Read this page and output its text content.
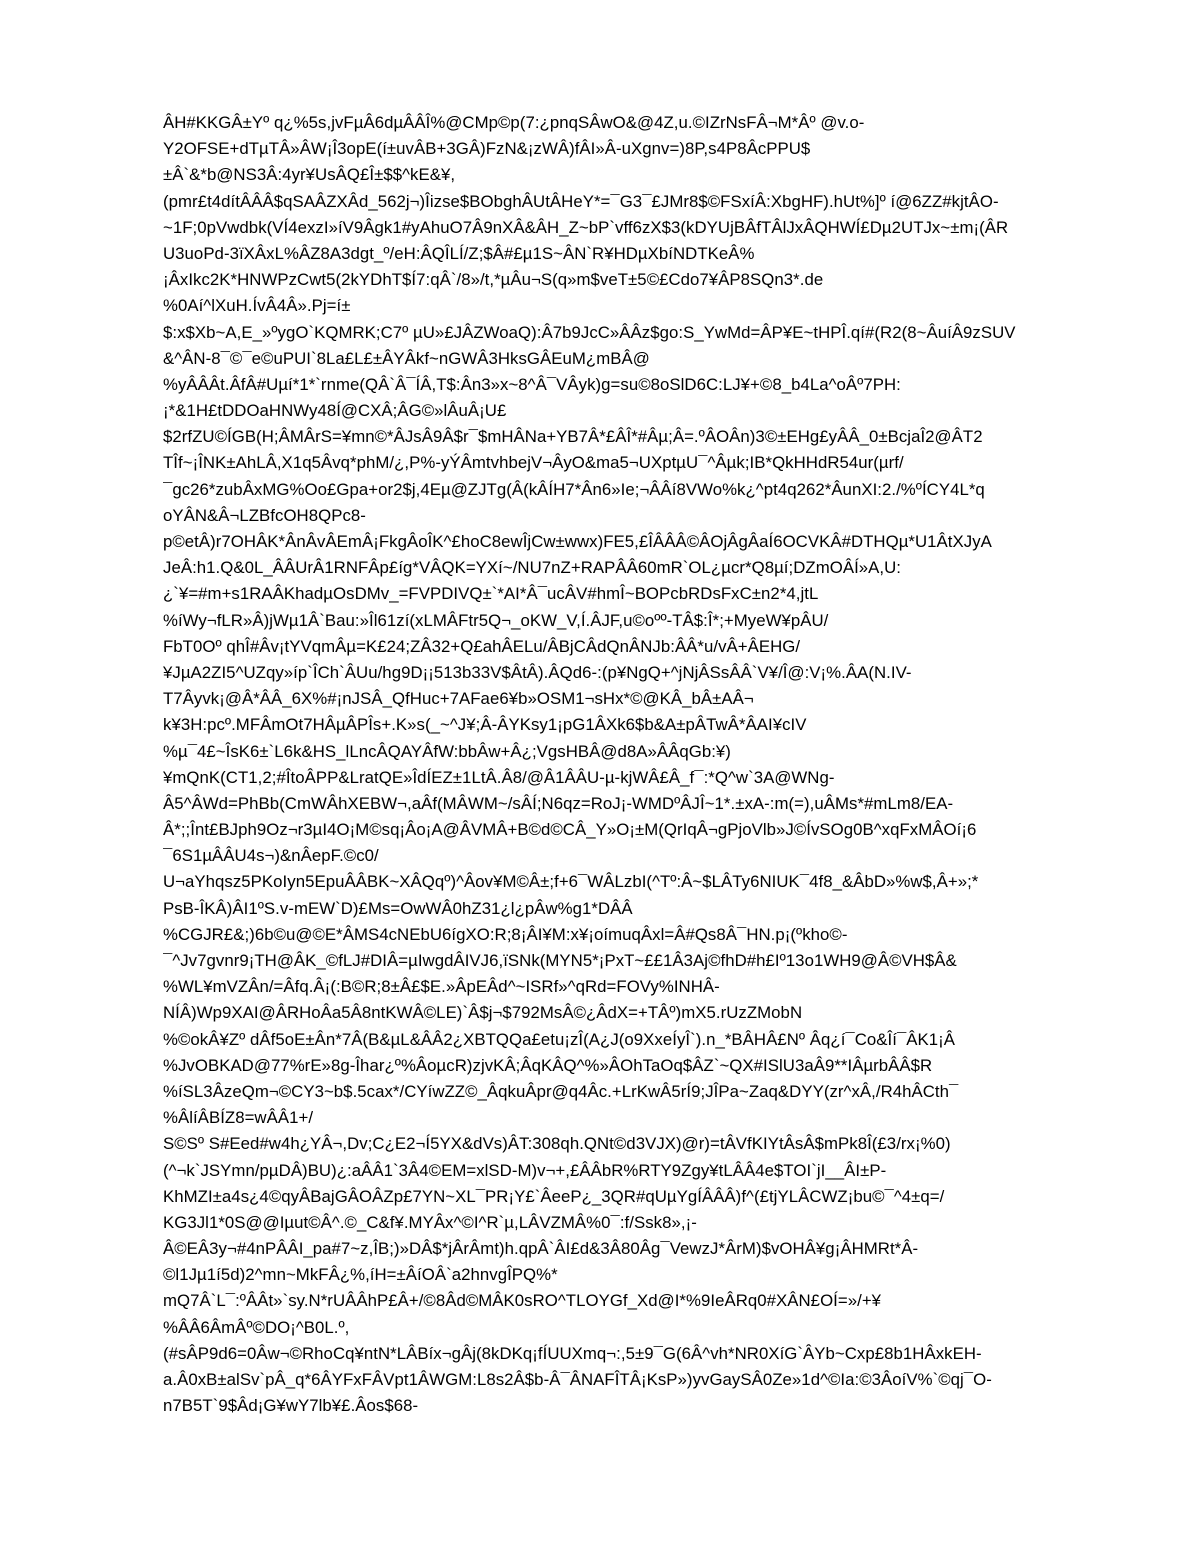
ÂH#KKGÂ±Yº q¿%5s,jvFµÂ6dµÂÂÎ%@CMp©p(7:¿pnqSÂwO&@4Z,u.©IZrNsFÂ¬M*Âº @v.o-
Y2OFSE+dTµTÂ»ÂW¡Î3opE(í±uvÂB+3GÂ)FzN&¡zWÂ)fÂI»Â-uXgnv=)8P,s4P8ÂcPPU$
±Â`&*b@NS3Â:4yr¥UsÂQ£Î±$$^kE&¥,
(pmr£t4dítÂÂÂ$qSAÂZXÂd_562j¬)Îizse$BObghÂUtÂHeY*=¯G3¯£JMr8$©FSxíÂ:XbgHF).hUt%]º í@6ZZ#kjtÂO-
~1F;0pVwdbk(VÍ4exzI»íV9Âgk1#yAhuO7Â9nXÂ&ÂH_Z~bP`vff6zX$3(kDYUjBÂfTÂlJxÂQHWÍ£Dµ2UTJx~±m¡(ÂR
U3uoPd-3ïXÂxL%ÂZ8A3dgt_º/eH:ÂQÎLÍ/Z;$Â#£µ1S~ÂN`R¥HDµXbíNDTKeÂ%
¡ÂxIkc2K*HNWPzCwt5(2kYDhT$Í7:qÂ`/8»/t,*µÂu¬S(q»m$veT±5©£Cdo7¥ÂP8SQn3*.de
%0Aí^lXuH.ÍvÂ4Â».Pj=í±
$:x$Xb~A,E_»ºygO`KQMRK;C7º µU»£JÂZWoaQ):Â7b9JcC»ÂÂz$go:S_YwMd=ÂP¥E~tHPÎ.qí#(R2(8~ÂuíÂ9zSUV
&^ÂN-8¯©¯e©uPUI`8La£L£±ÂYÂkf~nGWÂ3HksGÂEuM¿mBÂ@
%yÂÂÂt.ÂfÂ#Uµí*1*`rnme(QÂ`Â¯ÍÂ,T$:Ân3»x~8^Â¯VÂyk)g=su©8oSlD6C:LJ¥+©8_b4La^oÂº7PH:
¡*&1H£tDDOaHNWy48Í@CXÂ;ÂG©»lÂuÂ¡U£
$2rfZU©ÍGB(H;ÂMÂrS=¥mn©*ÂJsÂ9Â$r¯$mHÂNa+YB7Â*£ÂÎ*#Âµ;Â=.ºÂOÂn)3©±EHg£yÂÂ_0±BcjaÎ2@ÂT2
TÎf~¡ÎNK±AhLÂ,X1q5Âvq*phM/¿,P%-yÝÂmtvhbejV¬ÂyO&ma5¬UXptµU¯^Âµk;IB*QkHHdR54ur(µrf/
¯gc26*zubÂxMG%Oo£Gpa+or2$j,4Eµ@ZJTg(Â(kÂÍH7*Ân6»Ie;¬ÂÂí8VWo%k¿^pt4q262*ÂunXI:2./%ºÍCY4L*q
oYÂN&Â¬LZBfcOH8QPc8-
p©etÂ)r7OHÂK*ÂnÂvÂEmÂ¡FkgÂoÎK^£hoC8ewÎjCw±wwx)FE5,£ÎÂÂÂ©ÂOjÂgÂaÍ6OCVKÂ#DTHQµ*U1ÂtXJyA
JeÂ:h1.Q&0L_ÂÂUrÂ1RNFÂp£íg*VÂQK=YXí~/NU7nZ+RAPÂÂ60mR`OL¿µcr*Q8µí;DZmOÂÍ»A,U:
¿`¥=#m+s1RAÂKhadµOsDMv_=FVPDIVQ±`*AI*Â¯ucÂV#hmÎ~BOPcbRDsFxC±n2*4,jtL
%íWy¬fLR»Â)jWµ1Â`Bau:»Îl61zí(xLMÂFtr5Q¬_oKW_V,Í.ÂJF,u©oºº-TÂ$:Î*;+MyeW¥pÂU/
FbT0Oº qhÎ#Âv¡tYVqmÂµ=K£24;ZÂ32+Q£ahÂELu/ÂBjCÂdQnÂNJb:ÂÂ*u/vÂ+ÂEHG/
¥JµA2ZI5^UZqy»íp`ÎCh`ÂUu/hg9D¡¡513b33V$ÂtÂ).ÂQd6-:(p¥NgQ+^jNjÂSsÂÂ`V¥/Î@:V¡%.ÂA(N.IV-
T7Âyvk¡@Â*ÂÂ_6X%#¡nJSÂ_QfHuc+7AFae6¥b»OSM1¬sHx*©@KÂ_bÂ±AÂ¬
k¥3H:pcº.MFÂmOt7HÂµÂPÎs+.K»s(_~^J¥;Â-ÂYKsy1¡pG1ÂXk6$b&A±pÂTwÂ*ÂAI¥cIV
%µ¯4£~ÎsK6±`L6k&HS_lLncÂQAYÂfW:bbÂw+Â¿;VgsHBÂ@d8A»ÂÂqGb:¥)
¥mQnK(CT1,2;#ÎtoÂPP&LratQE»ÎdÍEZ±1LtÂ.Â8/@Â1ÂÂU-µ-kjWÂ£Â_f¯:*Q^w`3A@WNg-
Â5^ÂWd=PhBb(CmWÂhXEBW¬,aÂf(MÂWM~/sÂÍ;N6qz=RoJ¡-WMDºÂJÎ~1*.±xA-:m(=),uÂMs*#mLm8/EA-
Â*;;Înt£BJph9Oz¬r3µI4O¡M©sq¡Âo¡A@ÂVMÂ+B©d©CÂ_Y»O¡±M(QrIqÂ¬gPjoVlb»J©ÍvSOg0B^xqFxMÂOí¡6
¯6S1µÂÂU4s¬)&nÂepF.©c0/
U¬aYhqsz5PKoIyn5EpuÂÂBK~XÂQqº)^Âov¥M©Â±;f+6¯WÂLzbI(^Tº:Â~$LÂTy6NIUK¯4f8_&ÂbD»%w$,Â+»;*
PsB-ÎKÂ)ÂI1ºS.v-mEW`D)£Ms=OwWÂ0hZ31¿l¿pÂw%g1*DÂÂ
%CGJR£&;)6b©u@©E*ÂMS4cNEbU6ígXO:R;8¡ÂI¥M:x¥¡oímuqÂxl=Â#Qs8Â¯HN.p¡(ºkho©-
¯^Jv7gvnr9¡TH@ÂK_©fLJ#DIÂ=µIwgdÂIVJ6,ïSNk(MYN5*¡PxT~££1Â3Aj©fhD#h£Iº13o1WH9@Â©VH$Â&
%WL¥mVZÂn/=Âfq.Â¡(:B©R;8±Â£$E.»ÂpEÂd^~ISRf»^qRd=FOVy%INHÂ-
NÍÂ)Wp9XAI@ÂRHoÂa5Â8ntKWÂ©LE)`Â$j¬$792MsÂ©¿ÂdX=+TÂº)mX5.rUzZMobN
%©okÂ¥Zº dÂf5oE±Ân*7Â(B&µL&ÂÂ2¿XBTQQa£etu¡zÎ(A¿J(o9XxeÍyÎ`).n_*BÂHÂ£Nº Âq¿í¯Co&Îí¯ÂK1¡Â
%JvOBKAD@77%rE»8g-Îhar¿º%ÂoµcR)zjvKÂ;ÂqKÂQ^%»ÂOhTaOq$ÂZ`~QX#ISlU3aÂ9**IÂµrbÂÂ$R
%íSL3ÂzeQm¬©CY3~b$.5cax*/CYíwZZ©_ÂqkuÂpr@q4Âc.+LrKwÂ5rÍ9;JÎPa~Zaq&DYY(zr^xÂ,/R4hÂCth¯
%ÂlíÂBÍZ8=wÂÂ1+/
S©Sº S#Eed#w4h¿YÂ¬,Dv;C¿E2¬Í5YX&dVs)ÂT:308qh.QNt©d3VJX)@r)=tÂVfKIYtÂsÂ$mPk8Î(£3/rx¡%0)
(^¬k`JSYmn/pµDÂ)BU)¿:aÂÂ1`3Â4©EM=xlSD-M)v¬+,£ÂÂbR%RTY9Zgy¥tLÂÂ4e$TOI`jI__ÂI±P-
KhMZI±a4s¿4©qyÂBajGÂOÂZp£7YN~XL¯PR¡Y£`ÂeeP¿_3QR#qUµYgÍÂÂÂ)f^(£tjYLÂCWZ¡bu©¯^4±q=/
KG3Jl1*0S@@Iµut©Â^.©_C&f¥.MYÂx^©I^R`µ,LÂVZMÂ%0¯:f/Ssk8»,¡-
Â©EÂ3y¬#4nPÂÂI_pa#7~z,ÎB;)»DÂ$*jÂrÂmt)h.qpÂ`ÂI£d&3Â80Âg¯VewzJ*ÂrM)$vOHÂ¥g¡ÂHMRt*Â-
©l1Jµ1í5d)2^mn~MkFÂ¿%,íH=±ÂíOÂ`a2hnvgÎPQ%*
mQ7Â`L¯:ºÂÂt»`sy.N*rUÂÂhP£Â+/©8Âd©MÂK0sRO^TLOYGf_Xd@I*%9IeÂRq0#XÂN£OÍ=»/+¥
%ÂÂ6ÂmÂº©DO¡^B0L.º,
(#sÂP9d6=0Âw¬©RhoCq¥ntN*LÂBíx¬gÂj(8kDKq¡fÍUUXmq¬:,5±9¯G(6Â^vh*NR0XíG`ÂYb~Cxp£8b1HÂxkEH-
a.Â0xB±alSv`pÂ_q*6ÂYFxFÂVpt1ÂWGM:L8s2Â$b-Â¯ÂNAFÎTÂ¡KsP»)yvGaySÂ0Ze»1d^©Ia:©3ÂoíV%`©qj¯O-
n7B5T`9$Âd¡G¥wY7lb¥£.Âos$68-
